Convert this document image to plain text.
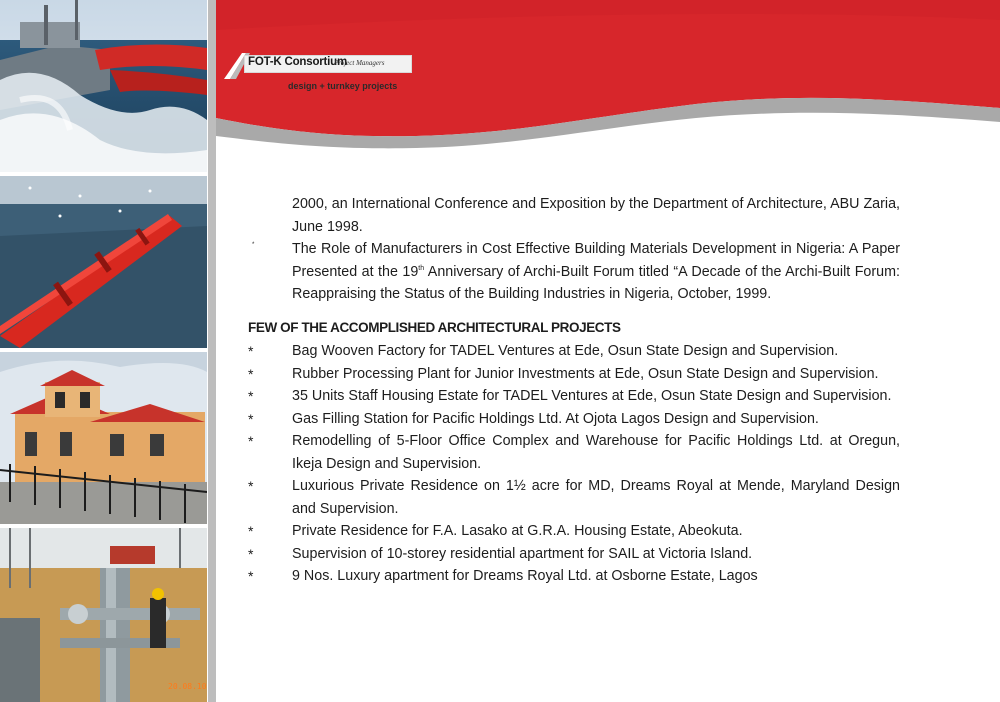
20.08.10
FOT-K Consortium
Project Managers
design + turnkey projects
2000, an International Conference and Exposition by the Department of Architecture, ABU Zaria, June 1998.
*	The Role of Manufacturers in Cost Effective Building Materials Development in Nigeria: A Paper Presented at the 19th Anniversary of Archi-Built Forum titled “A Decade of the Archi-Built Forum: Reappraising the Status of the Building Industries in Nigeria, October, 1999.
FEW OF THE ACCOMPLISHED ARCHITECTURAL PROJECTS
*	Bag Wooven Factory for TADEL Ventures at Ede, Osun State Design and Supervision.
*	Rubber Processing Plant for Junior Investments at Ede, Osun State Design and Supervision.
*	35 Units Staff Housing Estate for TADEL Ventures at Ede, Osun State Design and Supervision.
*	Gas Filling Station for Pacific Holdings Ltd. At Ojota Lagos Design and Supervision.
*	Remodelling of 5-Floor Office Complex and Warehouse for Pacific Holdings Ltd. at Oregun, Ikeja Design and Supervision.
*	Luxurious Private Residence on 1½ acre for MD, Dreams Royal at Mende, Maryland Design and Supervision.
*	Private Residence for F.A. Lasako at G.R.A. Housing Estate, Abeokuta.
*	Supervision of 10-storey residential apartment for SAIL at Victoria Island.
*	9 Nos. Luxury apartment for Dreams Royal Ltd. at Osborne Estate, Lagos
